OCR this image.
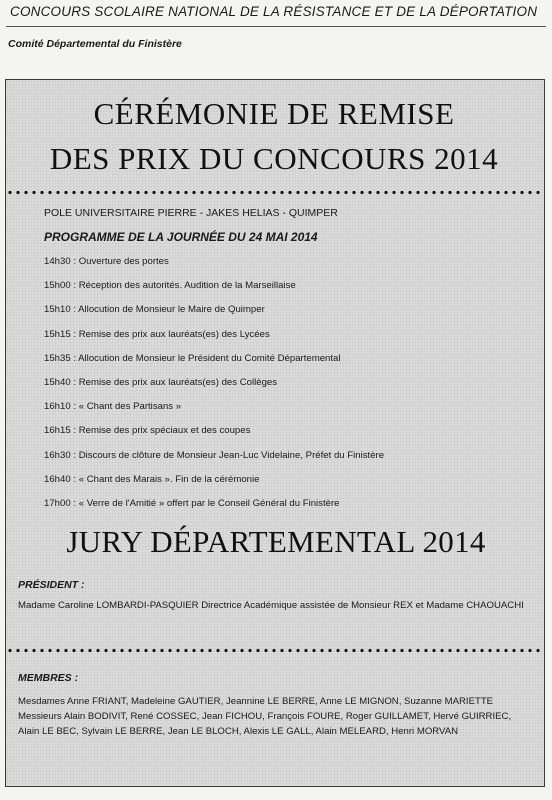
CONCOURS SCOLAIRE NATIONAL DE LA RÉSISTANCE ET DE LA DÉPORTATION
Comité Départemental du Finistère
CÉRÉMONIE DE REMISE
DES PRIX DU CONCOURS 2014
POLE UNIVERSITAIRE PIERRE - JAKES HELIAS - QUIMPER
PROGRAMME DE LA JOURNÉE DU 24 MAI 2014
14h30 : Ouverture des portes
15h00 : Réception des autorités. Audition de la Marseillaise
15h10 : Allocution de Monsieur le Maire de Quimper
15h15 : Remise des prix aux lauréats(es) des Lycées
15h35 : Allocution de Monsieur le Président du Comité Départemental
15h40 : Remise des prix aux lauréats(es) des Collèges
16h10 : « Chant des Partisans »
16h15 : Remise des prix spéciaux et des coupes
16h30 : Discours de clôture de Monsieur Jean-Luc Videlaine, Préfet du Finistère
16h40 : « Chant des Marais ». Fin de la cérémonie
17h00 : « Verre de l'Amitié » offert par le Conseil Général du Finistère
JURY DÉPARTEMENTAL 2014
PRÉSIDENT :
Madame Caroline LOMBARDI-PASQUIER Directrice Académique assistée de Monsieur REX et Madame CHAOUACHI
MEMBRES :
Mesdames Anne FRIANT, Madeleine GAUTIER, Jeannine LE BERRE, Anne LE MIGNON, Suzanne MARIETTE
Messieurs Alain BODIVIT, René COSSEC, Jean FICHOU, François FOURE, Roger GUILLAMET, Hervé GUIRRIEC, Alain LE BEC, Sylvain LE BERRE, Jean LE BLOCH, Alexis LE GALL, Alain MELEARD, Henri MORVAN
